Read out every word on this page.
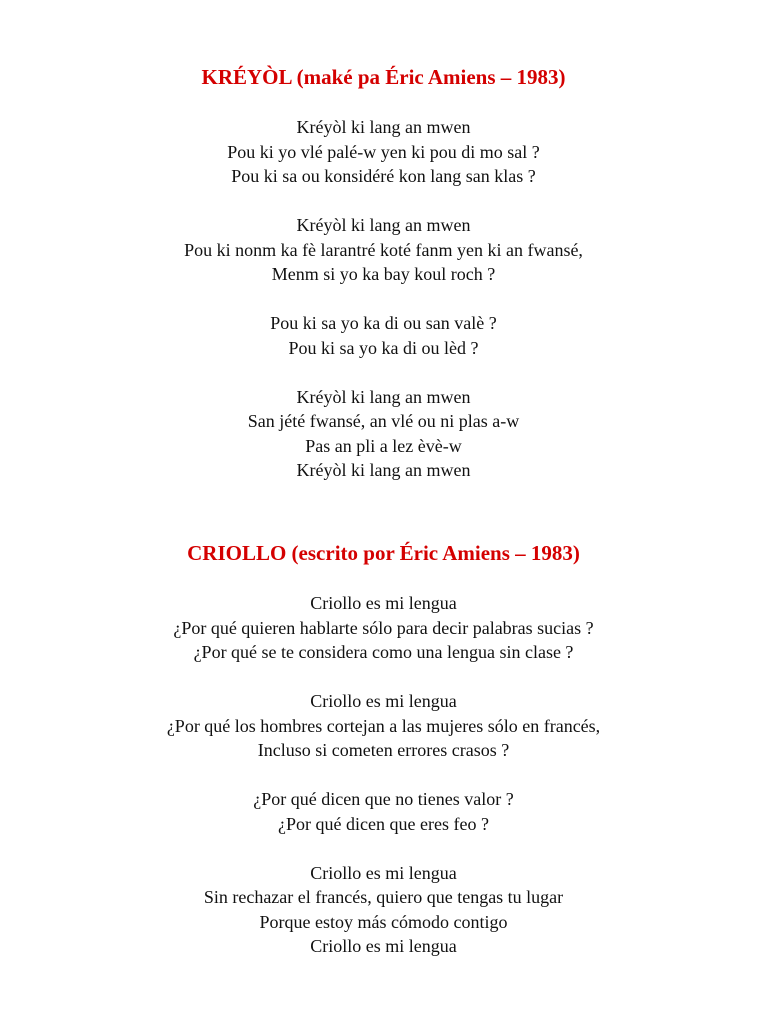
KRÉYÒL (maké pa Éric Amiens – 1983)
Kréyòl ki lang an mwen
Pou ki yo vlé palé-w yen ki pou di mo sal ?
Pou ki sa ou konsidéré kon lang san klas ?
Kréyòl ki lang an mwen
Pou ki nonm ka fè larantré koté fanm yen ki an fwansé,
Menm si yo ka bay koul roch ?
Pou ki sa yo ka di ou san valè ?
Pou ki sa yo ka di ou lèd ?
Kréyòl ki lang an mwen
San jété fwansé, an vlé ou ni plas a-w
Pas an pli a lez èvè-w
Kréyòl ki lang an mwen
CRIOLLO (escrito por Éric Amiens – 1983)
Criollo es mi lengua
¿Por qué quieren hablarte sólo para decir palabras sucias ?
¿Por qué se te considera como una lengua sin clase ?
Criollo es mi lengua
¿Por qué los hombres cortejan a las mujeres sólo en francés,
Incluso si cometen errores crasos ?
¿Por qué dicen que no tienes valor ?
¿Por qué dicen que eres feo ?
Criollo es mi lengua
Sin rechazar el francés, quiero que tengas tu lugar
Porque estoy más cómodo contigo
Criollo es mi lengua
